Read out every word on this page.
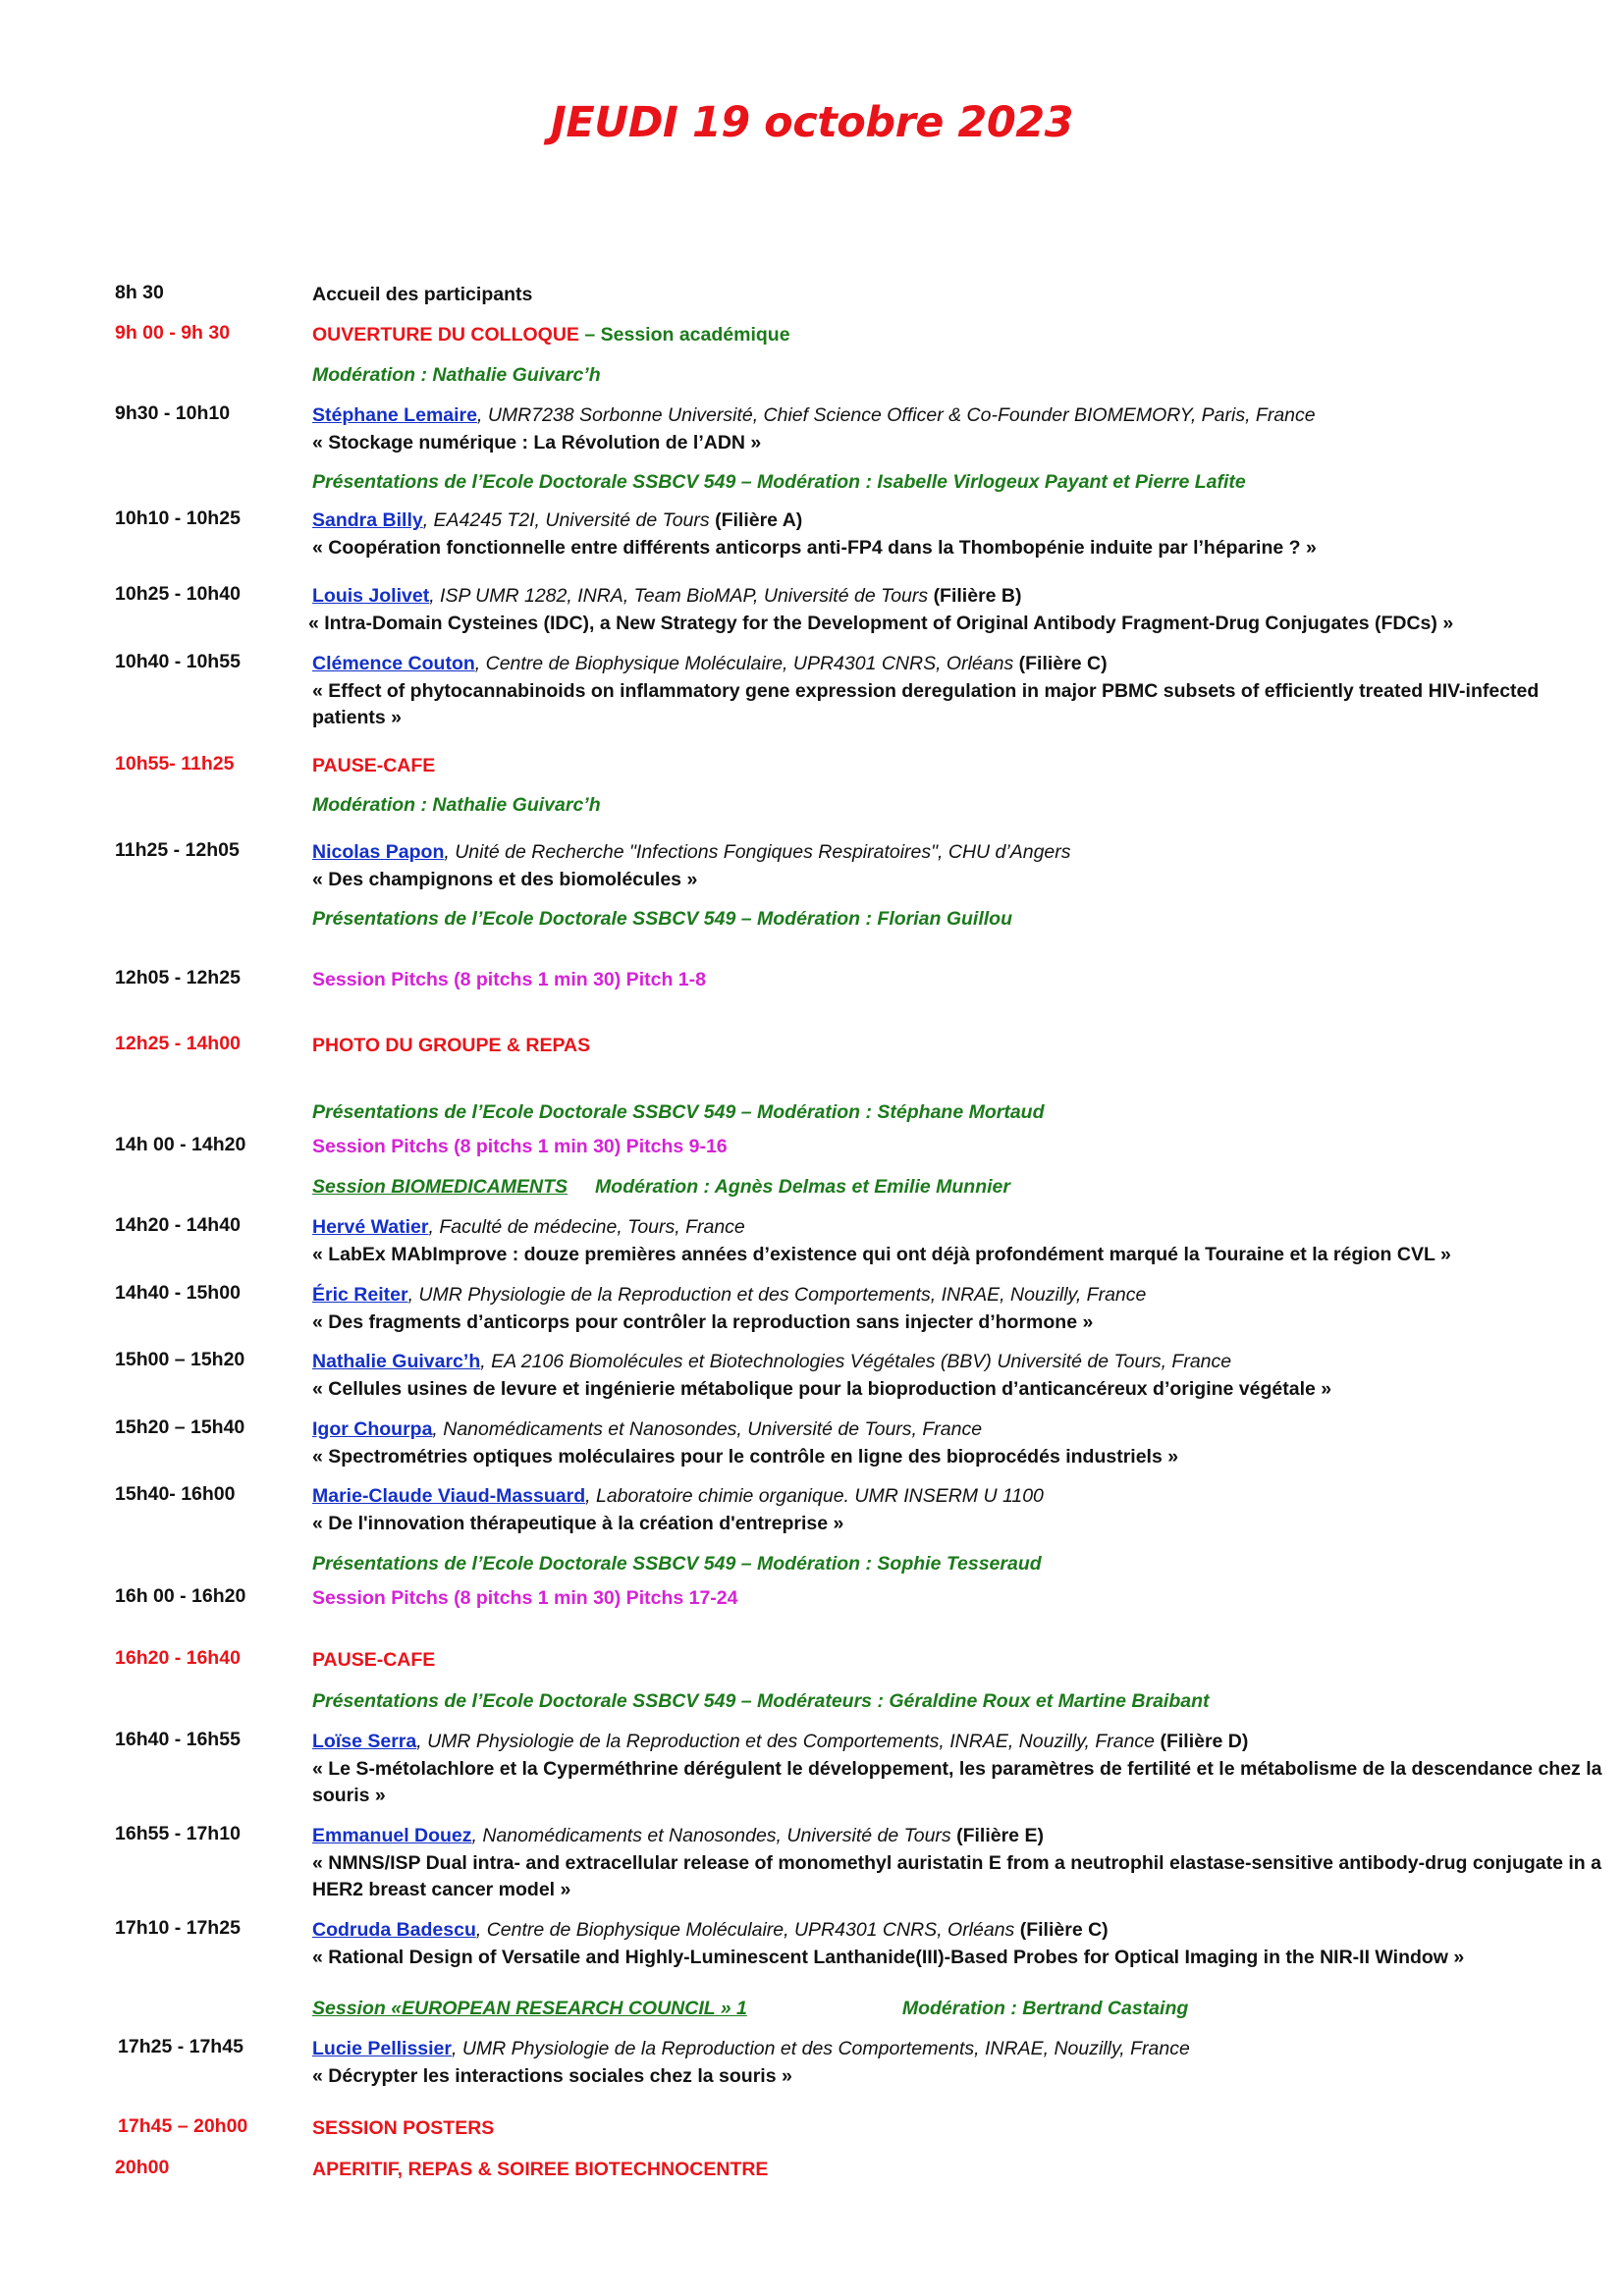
JEUDI 19 octobre 2023
8h 30	Accueil des participants
9h 00 - 9h 30	OUVERTURE DU COLLOQUE – Session académique
Modération : Nathalie Guivarc’h
9h30 - 10h10	Stéphane Lemaire, UMR7238 Sorbonne Université, Chief Science Officer & Co-Founder BIOMEMORY, Paris, France
« Stockage numérique : La Révolution de l’ADN »
Présentations de l’Ecole Doctorale SSBCV 549 – Modération : Isabelle Virlogeux Payant et Pierre Lafite
10h10 - 10h25	Sandra Billy, EA4245 T2I, Université de Tours (Filière A)
« Coopération fonctionnelle entre différents anticorps anti-FP4 dans la Thombopénie induite par l’héparine ? »
10h25 - 10h40	Louis Jolivet, ISP UMR 1282, INRA, Team BioMAP, Université de Tours (Filière B)
« Intra-Domain Cysteines (IDC), a New Strategy for the Development of Original Antibody Fragment-Drug Conjugates (FDCs) »
10h40 - 10h55	Clémence Couton, Centre de Biophysique Moléculaire, UPR4301 CNRS, Orléans (Filière C)
« Effect of phytocannabinoids on inflammatory gene expression deregulation in major PBMC subsets of efficiently treated HIV-infected patients »
10h55- 11h25	PAUSE-CAFE
Modération : Nathalie Guivarc’h
11h25 - 12h05	Nicolas Papon, Unité de Recherche "Infections Fongiques Respiratoires", CHU d’Angers
« Des champignons et des biomolécules »
Présentations de l’Ecole Doctorale SSBCV 549 – Modération : Florian Guillou
12h05 - 12h25	Session Pitchs (8 pitchs 1 min 30) Pitch 1-8
12h25 - 14h00	PHOTO DU GROUPE & REPAS
Présentations de l’Ecole Doctorale SSBCV 549 – Modération : Stéphane Mortaud
14h 00 - 14h20	Session Pitchs (8 pitchs 1 min 30) Pitchs 9-16
Session BIOMEDICAMENTS Modération : Agnès Delmas et Emilie Munnier
14h20 - 14h40	Hervé Watier, Faculté de médecine, Tours, France
« LabEx MAbImprove : douze premières années d’existence qui ont déjà profondément marqué la Touraine et la région CVL »
14h40 - 15h00	Éric Reiter, UMR Physiologie de la Reproduction et des Comportements, INRAE, Nouzilly, France
« Des fragments d’anticorps pour contrôler la reproduction sans injecter d’hormone »
15h00 – 15h20	Nathalie Guivarc’h, EA 2106 Biomolécules et Biotechnologies Végétales (BBV) Université de Tours, France
« Cellules usines de levure et ingénierie métabolique pour la bioproduction d’anticancéreux d’origine végétale »
15h20 – 15h40	Igor Chourpa, Nanomédicaments et Nanosondes, Université de Tours, France
« Spectrométries optiques moléculaires pour le contrôle en ligne des bioprocédés industriels »
15h40- 16h00	Marie-Claude Viaud-Massuard, Laboratoire chimie organique. UMR INSERM U 1100
« De l'innovation thérapeutique à la création d'entreprise »
Présentations de l’Ecole Doctorale SSBCV 549 – Modération : Sophie Tesseraud
16h 00 - 16h20	Session Pitchs (8 pitchs 1 min 30) Pitchs 17-24
16h20 - 16h40	PAUSE-CAFE
Présentations de l’Ecole Doctorale SSBCV 549 – Modérateurs : Géraldine Roux et Martine Braibant
16h40 - 16h55	Loïse Serra, UMR Physiologie de la Reproduction et des Comportements, INRAE, Nouzilly, France (Filière D)
« Le S-métolachlore et la Cyperméthrine dérégulent le développement, les paramètres de fertilité et le métabolisme de la descendance chez la souris »
16h55 - 17h10	Emmanuel Douez, Nanomédicaments et Nanosondes, Université de Tours (Filière E)
« NMNS/ISP Dual intra- and extracellular release of monomethyl auristatin E from a neutrophil elastase-sensitive antibody-drug conjugate in a HER2 breast cancer model »
17h10 - 17h25	Codruda Badescu, Centre de Biophysique Moléculaire, UPR4301 CNRS, Orléans (Filière C)
« Rational Design of Versatile and Highly-Luminescent Lanthanide(III)-Based Probes for Optical Imaging in the NIR-II Window »
Session «EUROPEAN RESEARCH COUNCIL » 1	Modération : Bertrand Castaing
17h25 - 17h45	Lucie Pellissier, UMR Physiologie de la Reproduction et des Comportements, INRAE, Nouzilly, France
« Décrypter les interactions sociales chez la souris »
17h45 – 20h00	SESSION POSTERS
20h00	APERITIF, REPAS & SOIREE BIOTECHNOCENTRE
